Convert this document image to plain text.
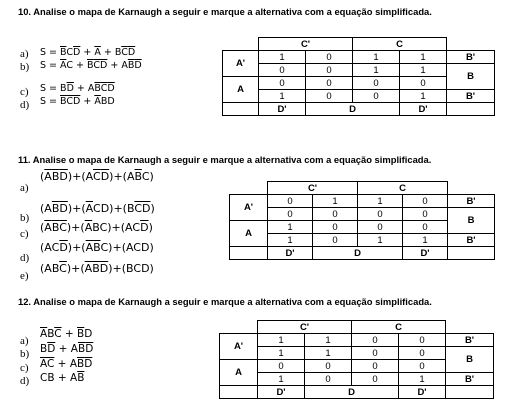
10. Analise o mapa de Karnaugh a seguir e marque a alternativa com a equação simplificada.
a) $S = \overline{B}C\overline{D} + \overline{A} + B\overline{C}\overline{D}$
b) $S = \overline{A}C + \overline{B}\overline{C}\overline{D} + A\overline{B}\overline{D}$
c) $S = B\overline{D} + A\overline{B}\overline{C}\overline{D}$
d) $S = \overline{B}\overline{C}\overline{D} + \overline{A}BD$
	C'		C		
A'	1	0	1	1	B'
	0	0	1	1	B
A	0	0	0	0	
	1	0	0	1	B'
	D'	D		D'	
11. Analise o mapa de Karnaugh a seguir e marque a alternativa com a equação simplificada.
a)
$(\overline{A}\overline{B}\overline{D})+(A\overline{C}\overline{D})+(A\overline{B}C)$
b)
$(A\overline{B}\overline{D})+(\overline{A}CD)+(B\overline{C}\overline{D})$
c) $(\overline{A}\overline{B}\overline{C})+(\overline{A}BC)+(AC\overline{D})$
d)
$(AC\overline{D})+(\overline{A}\overline{B}C)+(ACD)$
e)
$(AB\overline{C})+(\overline{A}\overline{B}\overline{D})+(BCD)$
	C'		C		
A'	0	1	1	0	B'
	0	0	0	0	B
A	1	0	0	0	
	1	0	1	1	B'
	D'	D		D'	
12. Analise o mapa de Karnaugh a seguir e marque a alternativa com a equação simplificada.
a)
$\overline{A}B\overline{C} + \overline{B}D$
b) $B\overline{D} + A\overline{B}\overline{D}$
c) $\overline{A}\overline{C} + A\overline{B}\overline{D}$
d) CB + $A\overline{B}$
	C'		C		
A'	1	1	0	0	B'
	1	1	0	0	B
A	0	0	0	0	
	1	0	0	1	B'
	D'	D		D'	
